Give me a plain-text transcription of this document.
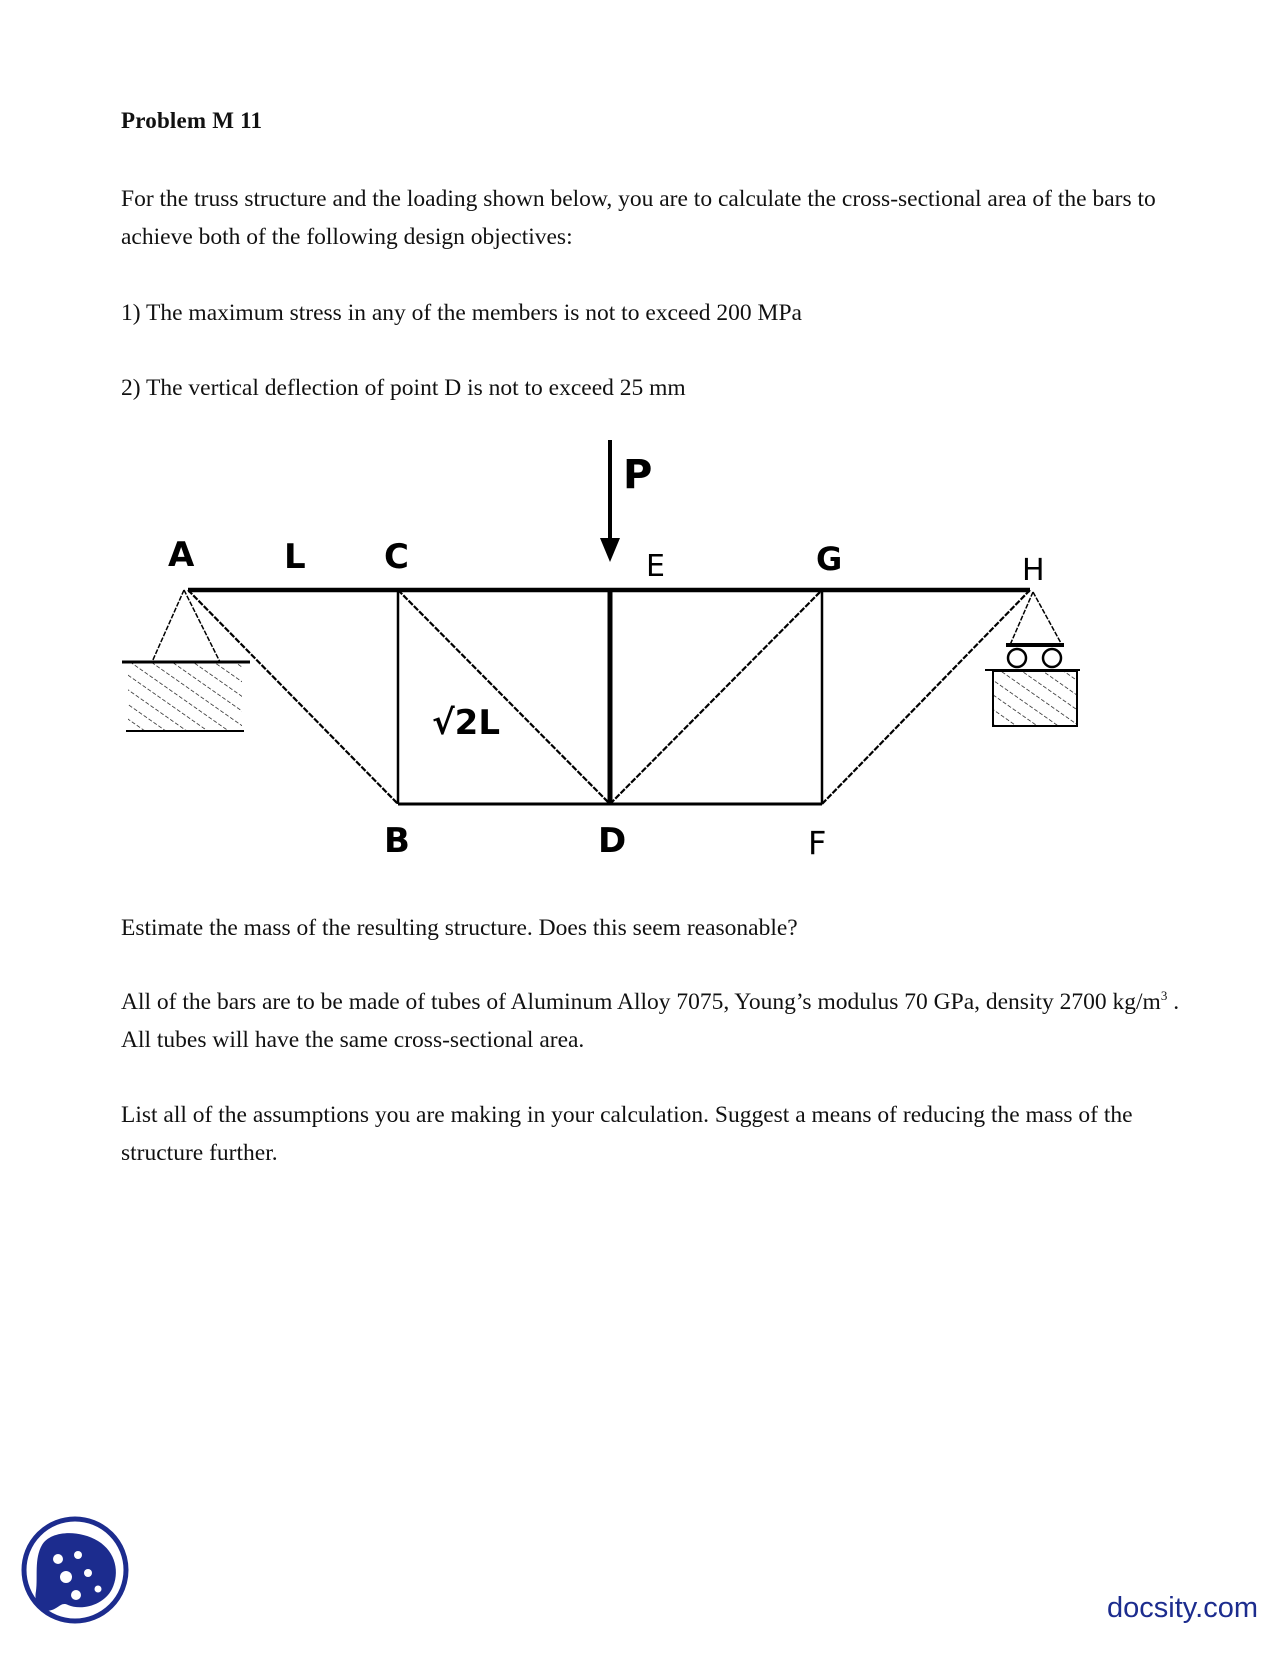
Problem M 11

For the truss structure and the loading shown below, you are to calculate the cross-sectional area of the bars to achieve both of the following design objectives:

1) The maximum stress in any of the members is not to exceed 200 MPa

2) The vertical deflection of point D is not to exceed 25 mm

P
A	L C	E	G	H
√2L
B	D	F

Estimate the mass of the resulting structure. Does this seem reasonable?

All of the bars are to be made of tubes of Aluminum Alloy 7075, Young’s modulus 70 GPa, density 2700 $kg/m^3$ . All tubes will have the same cross-sectional area.

List all of the assumptions you are making in your calculation. Suggest a means of reducing the mass of the structure further.

docsity.com
